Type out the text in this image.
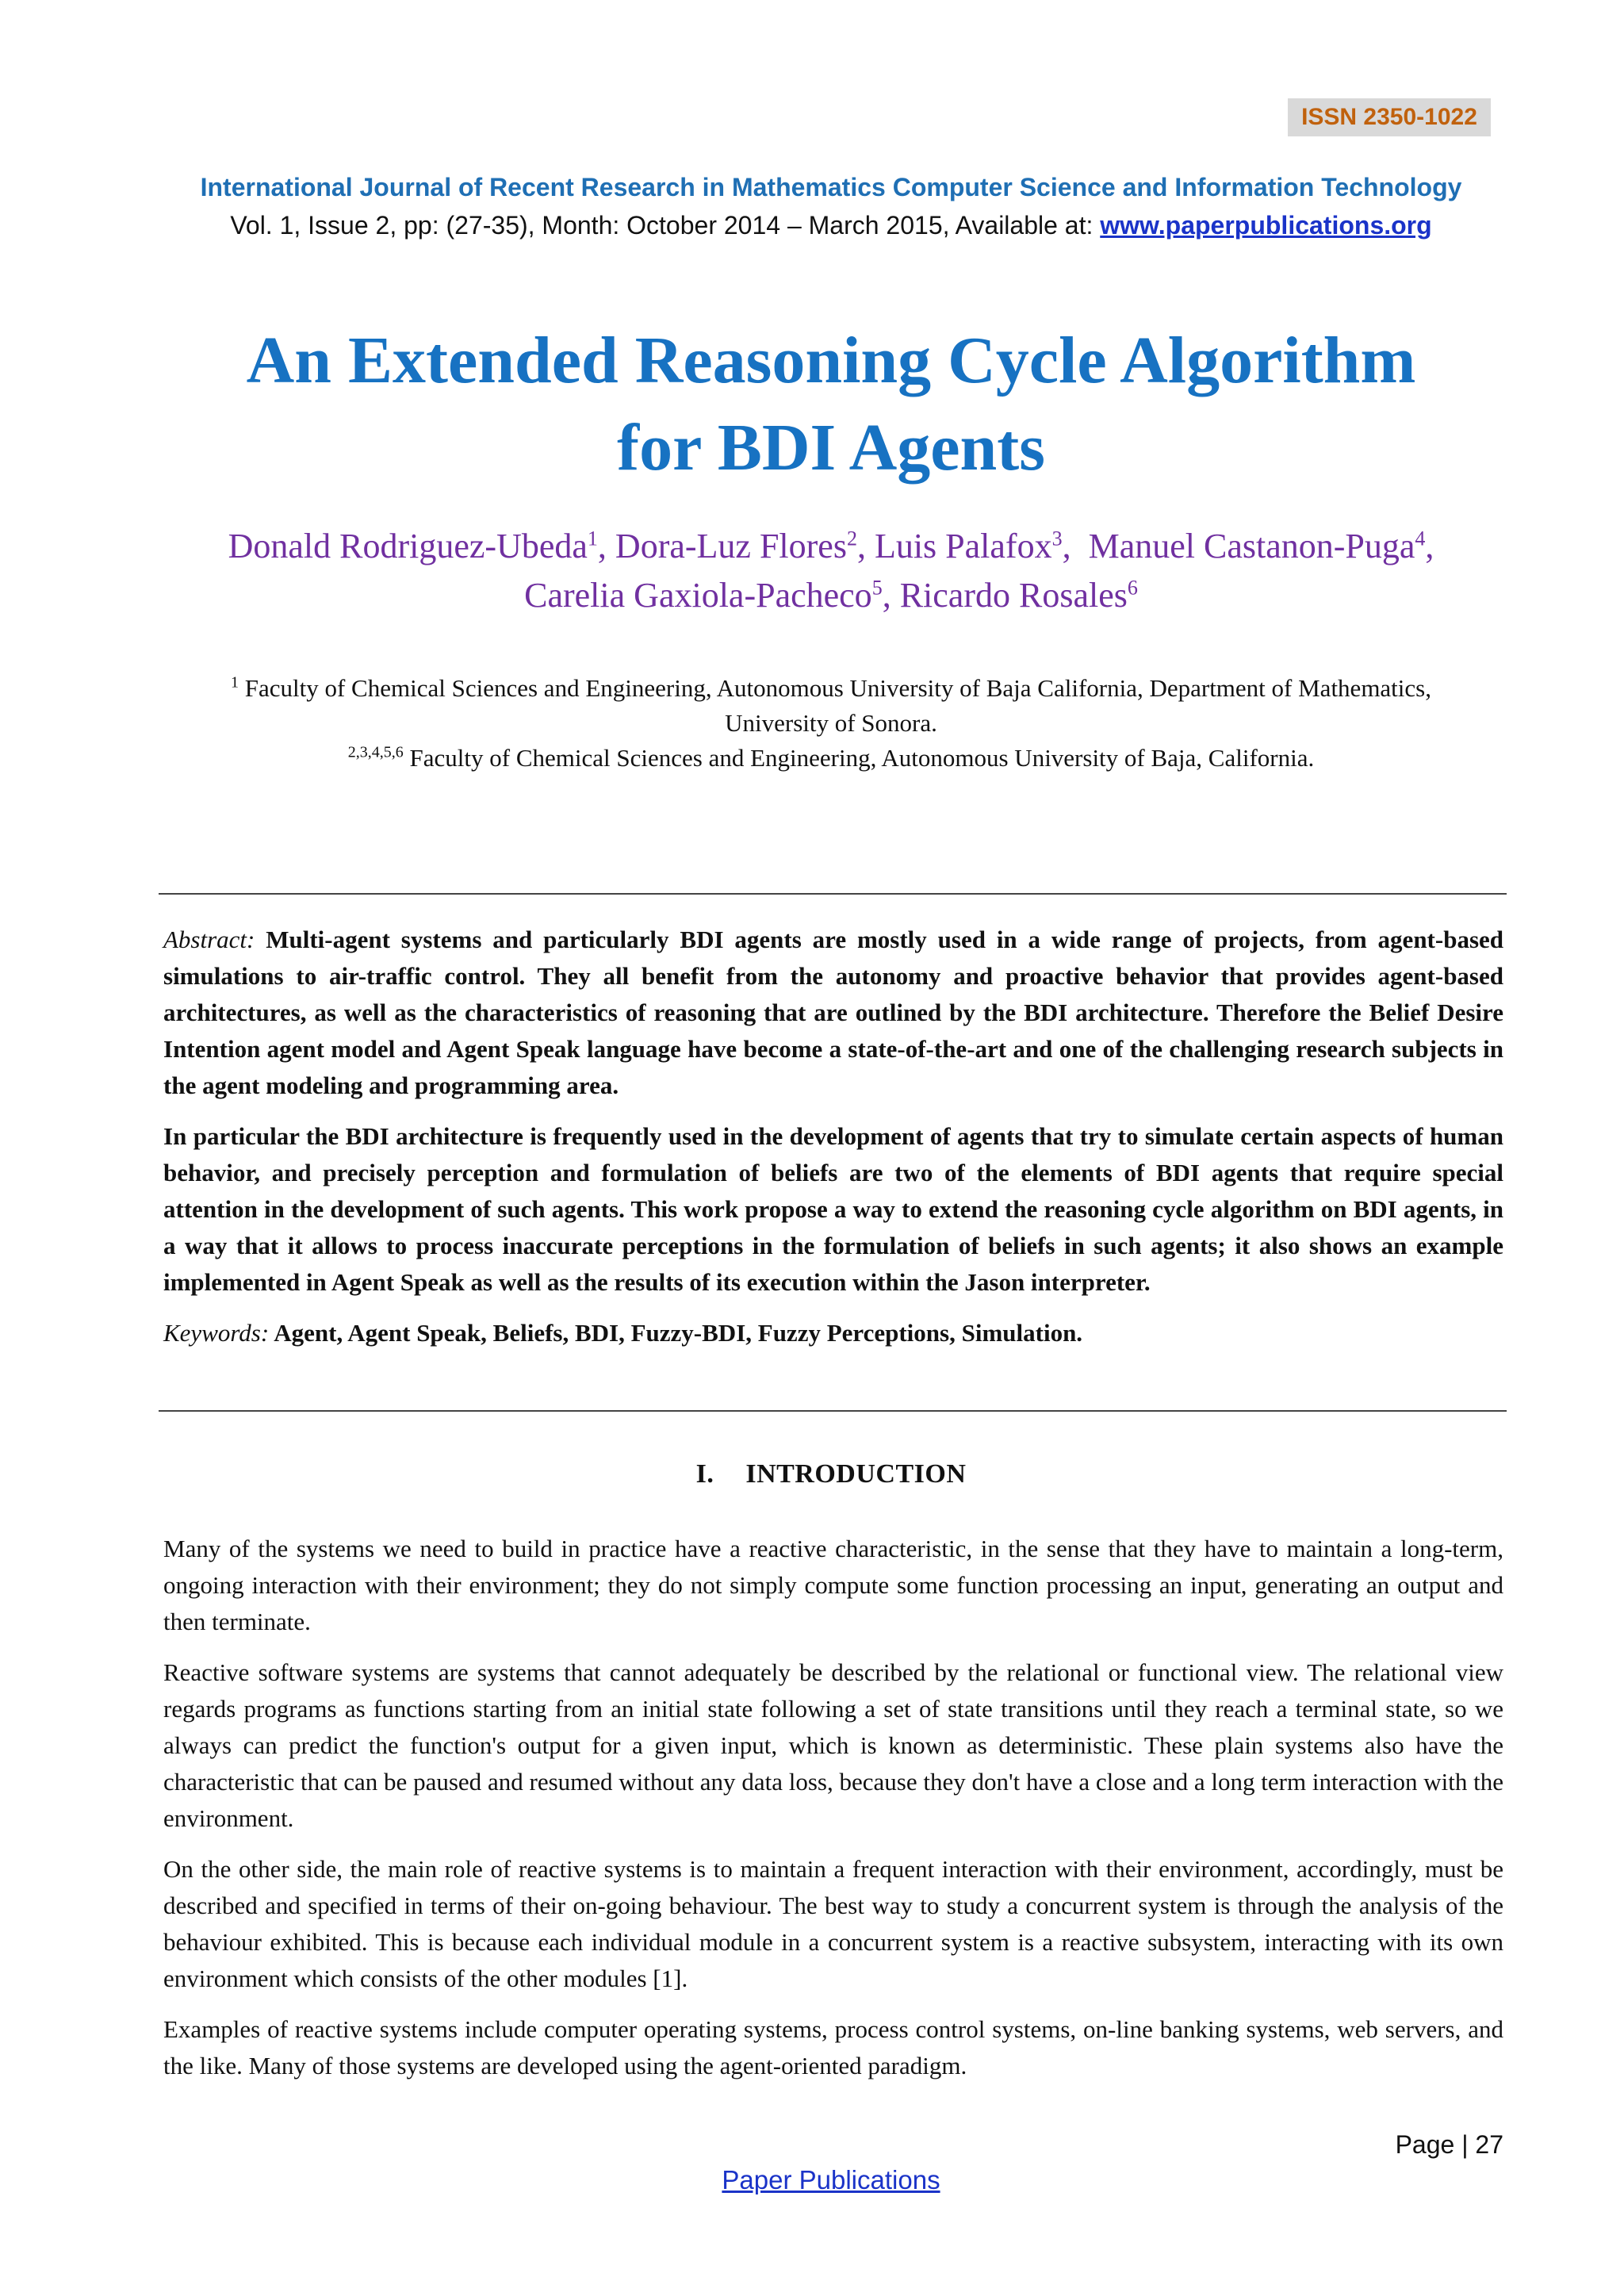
ISSN 2350-1022
International Journal of Recent Research in Mathematics Computer Science and Information Technology
Vol. 1, Issue 2, pp: (27-35), Month: October 2014 – March 2015, Available at: www.paperpublications.org
An Extended Reasoning Cycle Algorithm
for BDI Agents
Donald Rodriguez-Ubeda$^1$, Dora-Luz Flores$^2$, Luis Palafox$^3$,  Manuel Castanon-Puga$^4$,
Carelia Gaxiola-Pacheco$^5$, Ricardo Rosales$^6$
$^1$ Faculty of Chemical Sciences and Engineering, Autonomous University of Baja California, Department of Mathematics,
University of Sonora.
$^{2,3,4,5,6}$ Faculty of Chemical Sciences and Engineering, Autonomous University of Baja, California.

Abstract: Multi-agent systems and particularly BDI agents are mostly used in a wide range of projects, from agent-based simulations to air-traffic control. They all benefit from the autonomy and proactive behavior that provides agent-based architectures, as well as the characteristics of reasoning that are outlined by the BDI architecture. Therefore the Belief Desire Intention agent model and Agent Speak language have become a state-of-the-art and one of the challenging research subjects in the agent modeling and programming area.

In particular the BDI architecture is frequently used in the development of agents that try to simulate certain aspects of human behavior, and precisely perception and formulation of beliefs are two of the elements of BDI agents that require special attention in the development of such agents. This work propose a way to extend the reasoning cycle algorithm on BDI agents, in a way that it allows to process inaccurate perceptions in the formulation of beliefs in such agents; it also shows an example implemented in Agent Speak as well as the results of its execution within the Jason interpreter.

Keywords: Agent, Agent Speak, Beliefs, BDI, Fuzzy-BDI, Fuzzy Perceptions, Simulation.

I. INTRODUCTION

Many of the systems we need to build in practice have a reactive characteristic, in the sense that they have to maintain a long-term, ongoing interaction with their environment; they do not simply compute some function processing an input, generating an output and then terminate.

Reactive software systems are systems that cannot adequately be described by the relational or functional view. The relational view regards programs as functions starting from an initial state following a set of state transitions until they reach a terminal state, so we always can predict the function's output for a given input, which is known as deterministic. These plain systems also have the characteristic that can be paused and resumed without any data loss, because they don't have a close and a long term interaction with the environment.

On the other side, the main role of reactive systems is to maintain a frequent interaction with their environment, accordingly, must be described and specified in terms of their on-going behaviour. The best way to study a concurrent system is through the analysis of the behaviour exhibited. This is because each individual module in a concurrent system is a reactive subsystem, interacting with its own environment which consists of the other modules [1].

Examples of reactive systems include computer operating systems, process control systems, on-line banking systems, web servers, and the like. Many of those systems are developed using the agent-oriented paradigm.

Page | 27
Paper Publications
